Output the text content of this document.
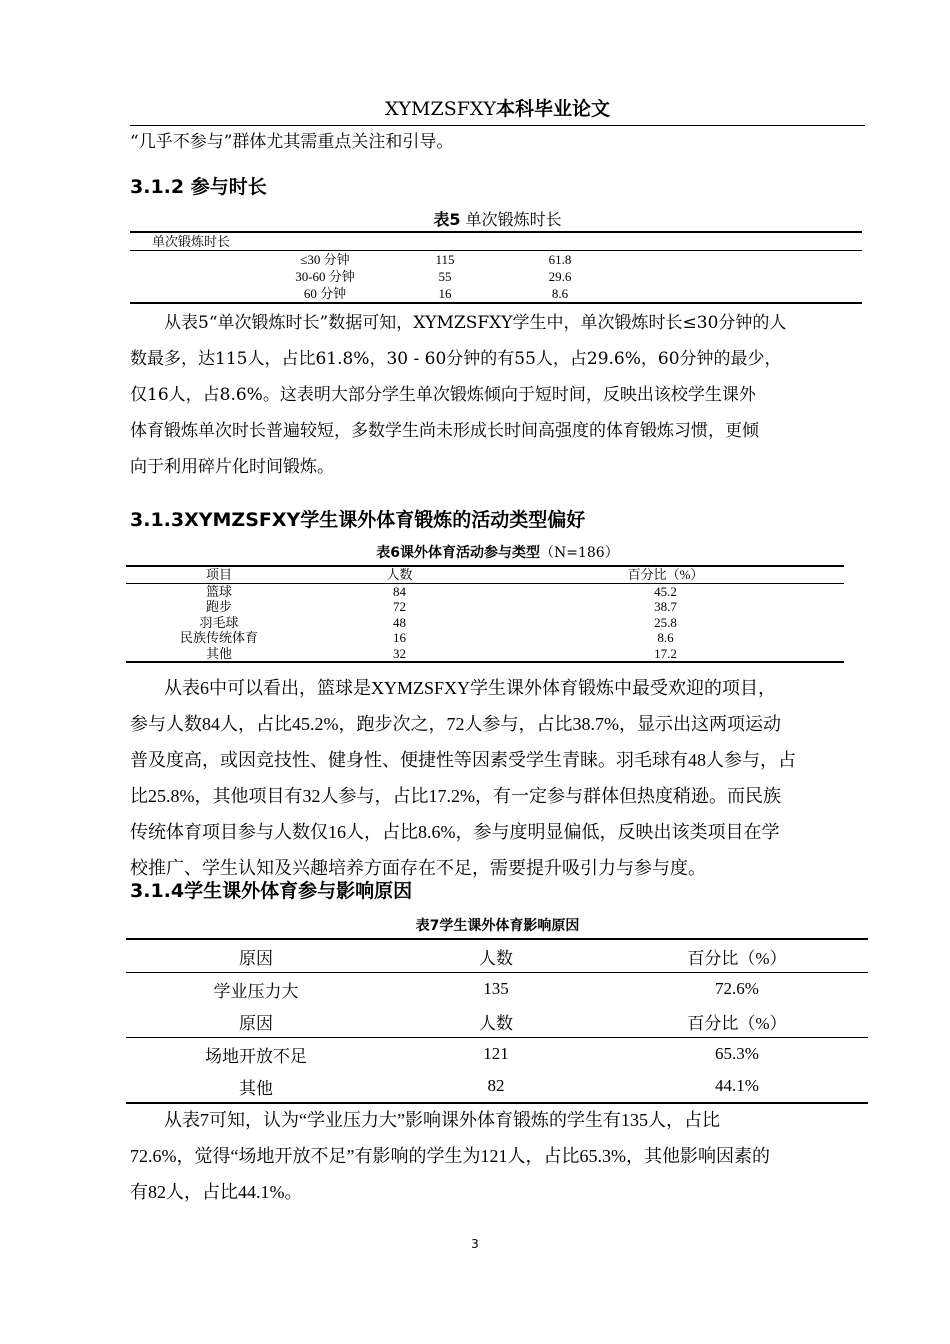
XYMZSFXY本科毕业论文
“几乎不参与”群体尤其需重点关注和引导。
3.1.2 参与时长
表5 单次锻炼时长
单次锻炼时长				
	≤30 分钟	115	61.8	
	30-60 分钟	55	29.6	
	60 分钟	16	8.6	
从表5“单次锻炼时长”数据可知，XYMZSFXY学生中，单次锻炼时长≤30分钟的人
数最多，达115人，占比61.8%，30 - 60分钟的有55人，占29.6%，60分钟的最少，
仅16人，占8.6%。这表明大部分学生单次锻炼倾向于短时间，反映出该校学生课外
体育锻炼单次时长普遍较短，多数学生尚未形成长时间高强度的体育锻炼习惯，更倾
向于利用碎片化时间锻炼。
3.1.3XYMZSFXY学生课外体育锻炼的活动类型偏好
表6课外体育活动参与类型（N=186）
项目	人数	百分比（%）
篮球	84	45.2
跑步	72	38.7
羽毛球	48	25.8
民族传统体育	16	8.6
其他	32	17.2
从表6中可以看出，篮球是XYMZSFXY学生课外体育锻炼中最受欢迎的项目，
参与人数84人，占比45.2%，跑步次之，72人参与，占比38.7%，显示出这两项运动
普及度高，或因竞技性、健身性、便捷性等因素受学生青睐。羽毛球有48人参与，占
比25.8%，其他项目有32人参与，占比17.2%，有一定参与群体但热度稍逊。而民族
传统体育项目参与人数仅16人，占比8.6%，参与度明显偏低，反映出该类项目在学
校推广、学生认知及兴趣培养方面存在不足，需要提升吸引力与参与度。
3.1.4学生课外体育参与影响原因
表7学生课外体育影响原因
原因	人数	百分比（%）
学业压力大	135	72.6%
原因	人数	百分比（%）
场地开放不足	121	65.3%
其他	82	44.1%
从表7可知，认为“学业压力大”影响课外体育锻炼的学生有135人，占比
72.6%，觉得“场地开放不足”有影响的学生为121人，占比65.3%，其他影响因素的
有82人，占比44.1%。
3
